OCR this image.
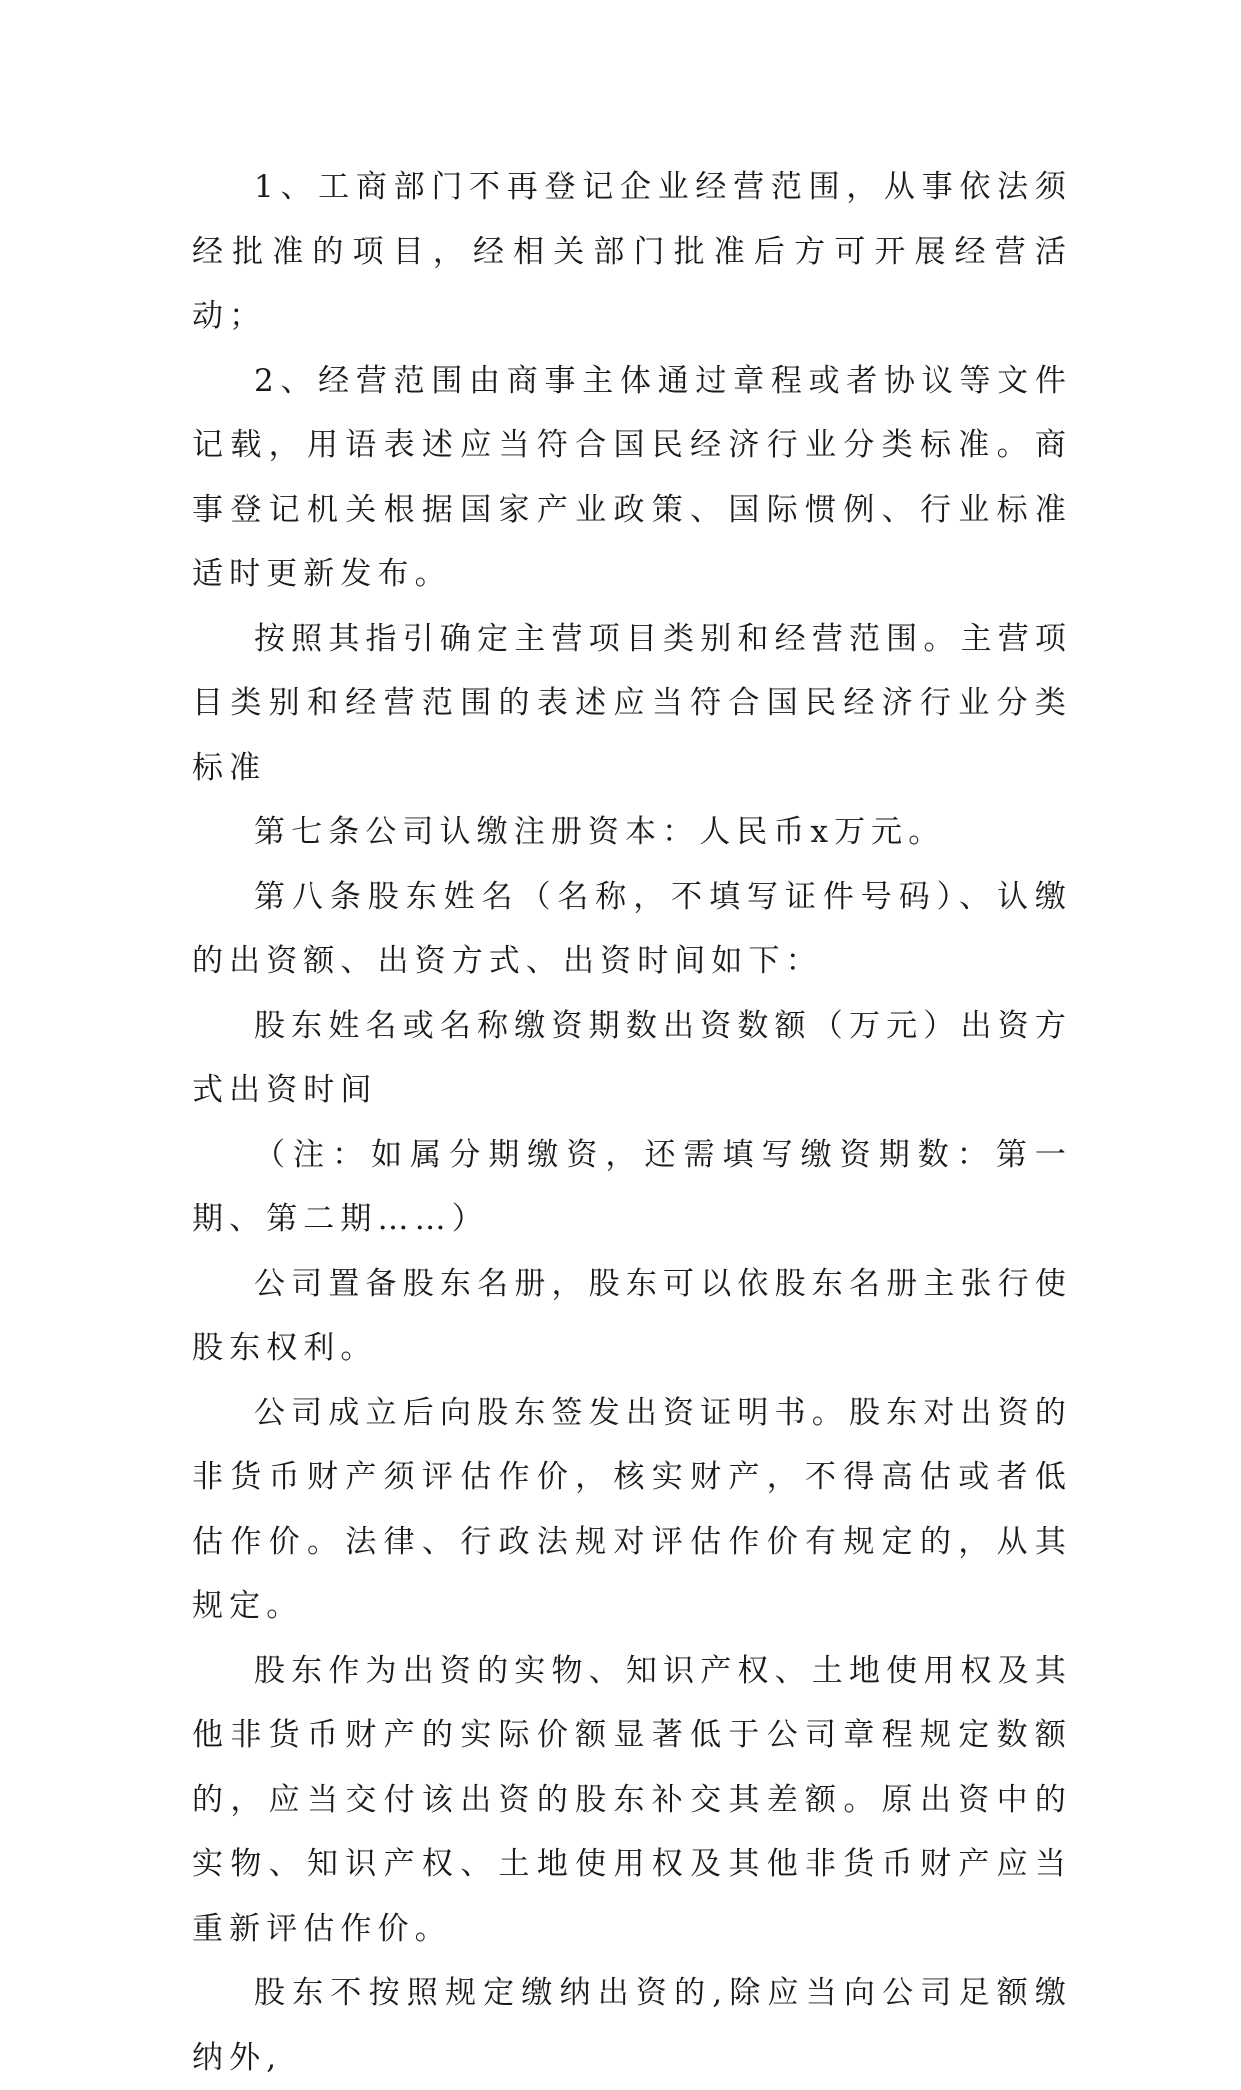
1、工商部门不再登记企业经营范围，从事依法须经批准的项目，经相关部门批准后方可开展经营活动；

2、经营范围由商事主体通过章程或者协议等文件记载，用语表述应当符合国民经济行业分类标准。商事登记机关根据国家产业政策、国际惯例、行业标准适时更新发布。

按照其指引确定主营项目类别和经营范围。主营项目类别和经营范围的表述应当符合国民经济行业分类标准

第七条公司认缴注册资本：人民币x万元。

第八条股东姓名（名称，不填写证件号码）、认缴的出资额、出资方式、出资时间如下：

股东姓名或名称缴资期数出资数额（万元）出资方式出资时间

（注：如属分期缴资，还需填写缴资期数：第一期、第二期……）

公司置备股东名册，股东可以依股东名册主张行使股东权利。

公司成立后向股东签发出资证明书。股东对出资的非货币财产须评估作价，核实财产，不得高估或者低估作价。法律、行政法规对评估作价有规定的，从其规定。

股东作为出资的实物、知识产权、土地使用权及其他非货币财产的实际价额显著低于公司章程规定数额的，应当交付该出资的股东补交其差额。原出资中的实物、知识产权、土地使用权及其他非货币财产应当重新评估作价。

股东不按照规定缴纳出资的,除应当向公司足额缴纳外,
